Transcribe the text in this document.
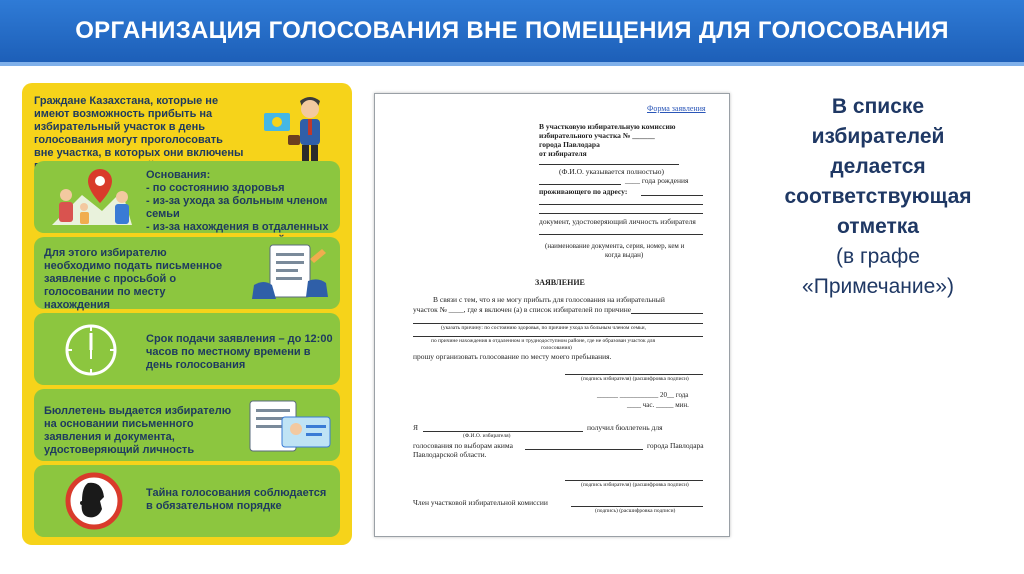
ОРГАНИЗАЦИЯ ГОЛОСОВАНИЯ ВНЕ ПОМЕЩЕНИЯ ДЛЯ ГОЛОСОВАНИЯ
Граждане Казахстана, которые не имеют возможность прибыть на избирательный участок в день голосования могут проголосовать вне участка, в которых они включены
Основания:
- по состоянию здоровья
- из-за ухода за больным членом семьи
- из-за нахождения в отдаленных
Для этого избирателю необходимо подать письменное заявление с просьбой о голосовании по месту нахождения
Срок подачи заявления – до 12:00 часов по местному времени в день голосования
Бюллетень выдается избирателю на основании письменного заявления и документа, удостоверяющий личность
Тайна голосования соблюдается в обязательном порядке
Форма заявления
В участковую избирательную комиссию
избирательного участка № ______
города Павлодара
от избирателя
(Ф.И.О. указывается полностью)
____ года рождения
проживающего по адресу:
документ, удостоверяющий личность избирателя
(наименование документа, серия, номер, кем и
когда выдан)
ЗАЯВЛЕНИЕ
В связи с тем, что я не могу прибыть для голосования на избирательный
участок № ____, где я включен (а) в список избирателей по причине
(указать причину: по состоянию здоровья, по причине ухода за больным членом семьи,
по причине нахождения в отдаленном и труднодоступном районе, где не образован участок для
голосования)
прошу организовать голосование по месту моего пребывания.
(подпись избирателя) (расшифровка подписи)
______ ___________ 20__ года
____ час. _____ мин.
Я	получил бюллетень для
(Ф.И.О. избирателя)
голосования по выборам акима	города Павлодара
Павлодарской области.
(подпись избирателя) (расшифровка подписи)
Член участковой избирательной комиссии
(подпись) (расшифровка подписи)
В списке
избирателей
делается
соответствующая
отметка
(в графе
«Примечание»)
